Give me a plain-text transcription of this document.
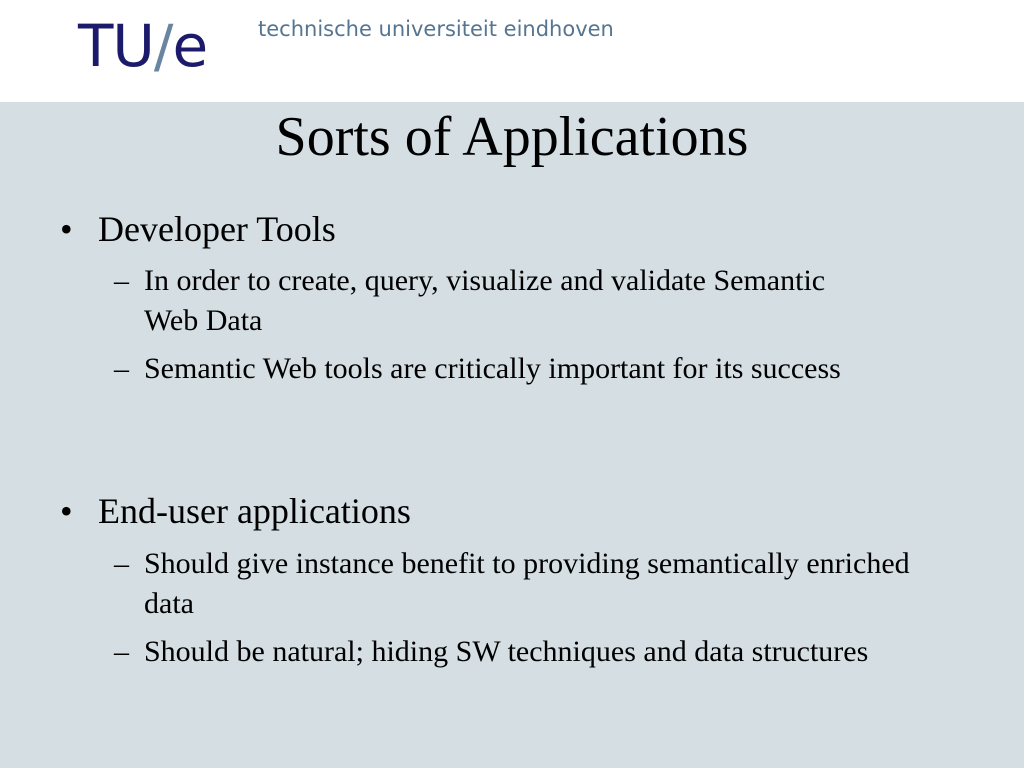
TU/e technische universiteit eindhoven
Sorts of Applications
• Developer Tools
– In order to create, query, visualize and validate Semantic Web Data
– Semantic Web tools are critically important for its success
• End-user applications
– Should give instance benefit to providing semantically enriched data
– Should be natural; hiding SW techniques and data structures
